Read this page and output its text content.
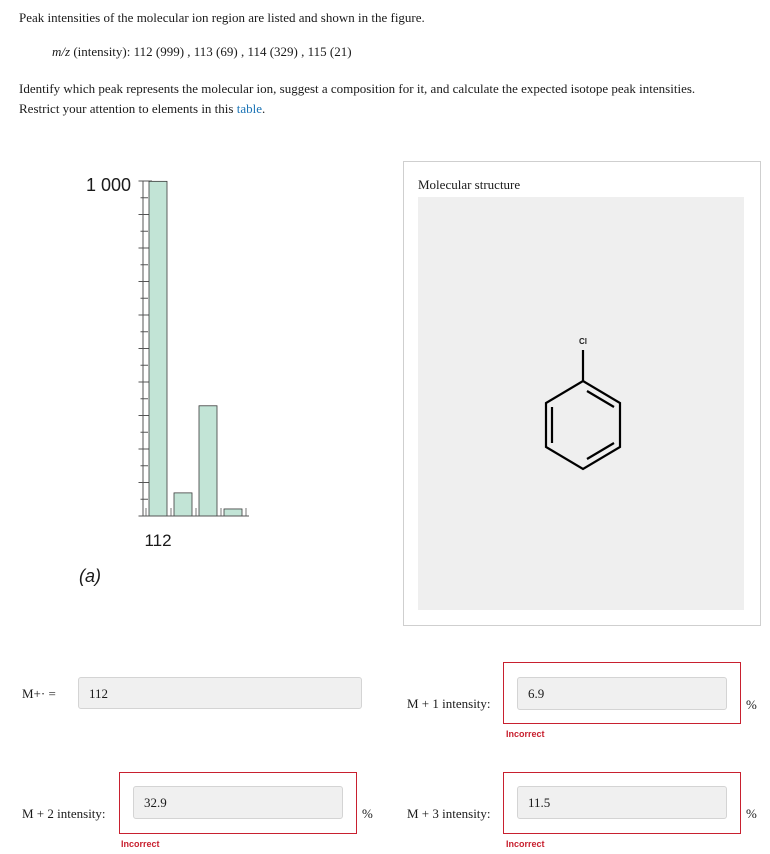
Peak intensities of the molecular ion region are listed and shown in the figure.
m/z (intensity): 112 (999) , 113 (69) , 114 (329) , 115 (21)
Identify which peak represents the molecular ion, suggest a composition for it, and calculate the expected isotope peak intensities. Restrict your attention to elements in this table.
1 000
112
(a)
Molecular structure
Cl
M+· =	112
M + 1 intensity:
6.9
%
Incorrect
M + 2 intensity:
32.9
%
Incorrect
M + 3 intensity:
11.5
%
Incorrect
